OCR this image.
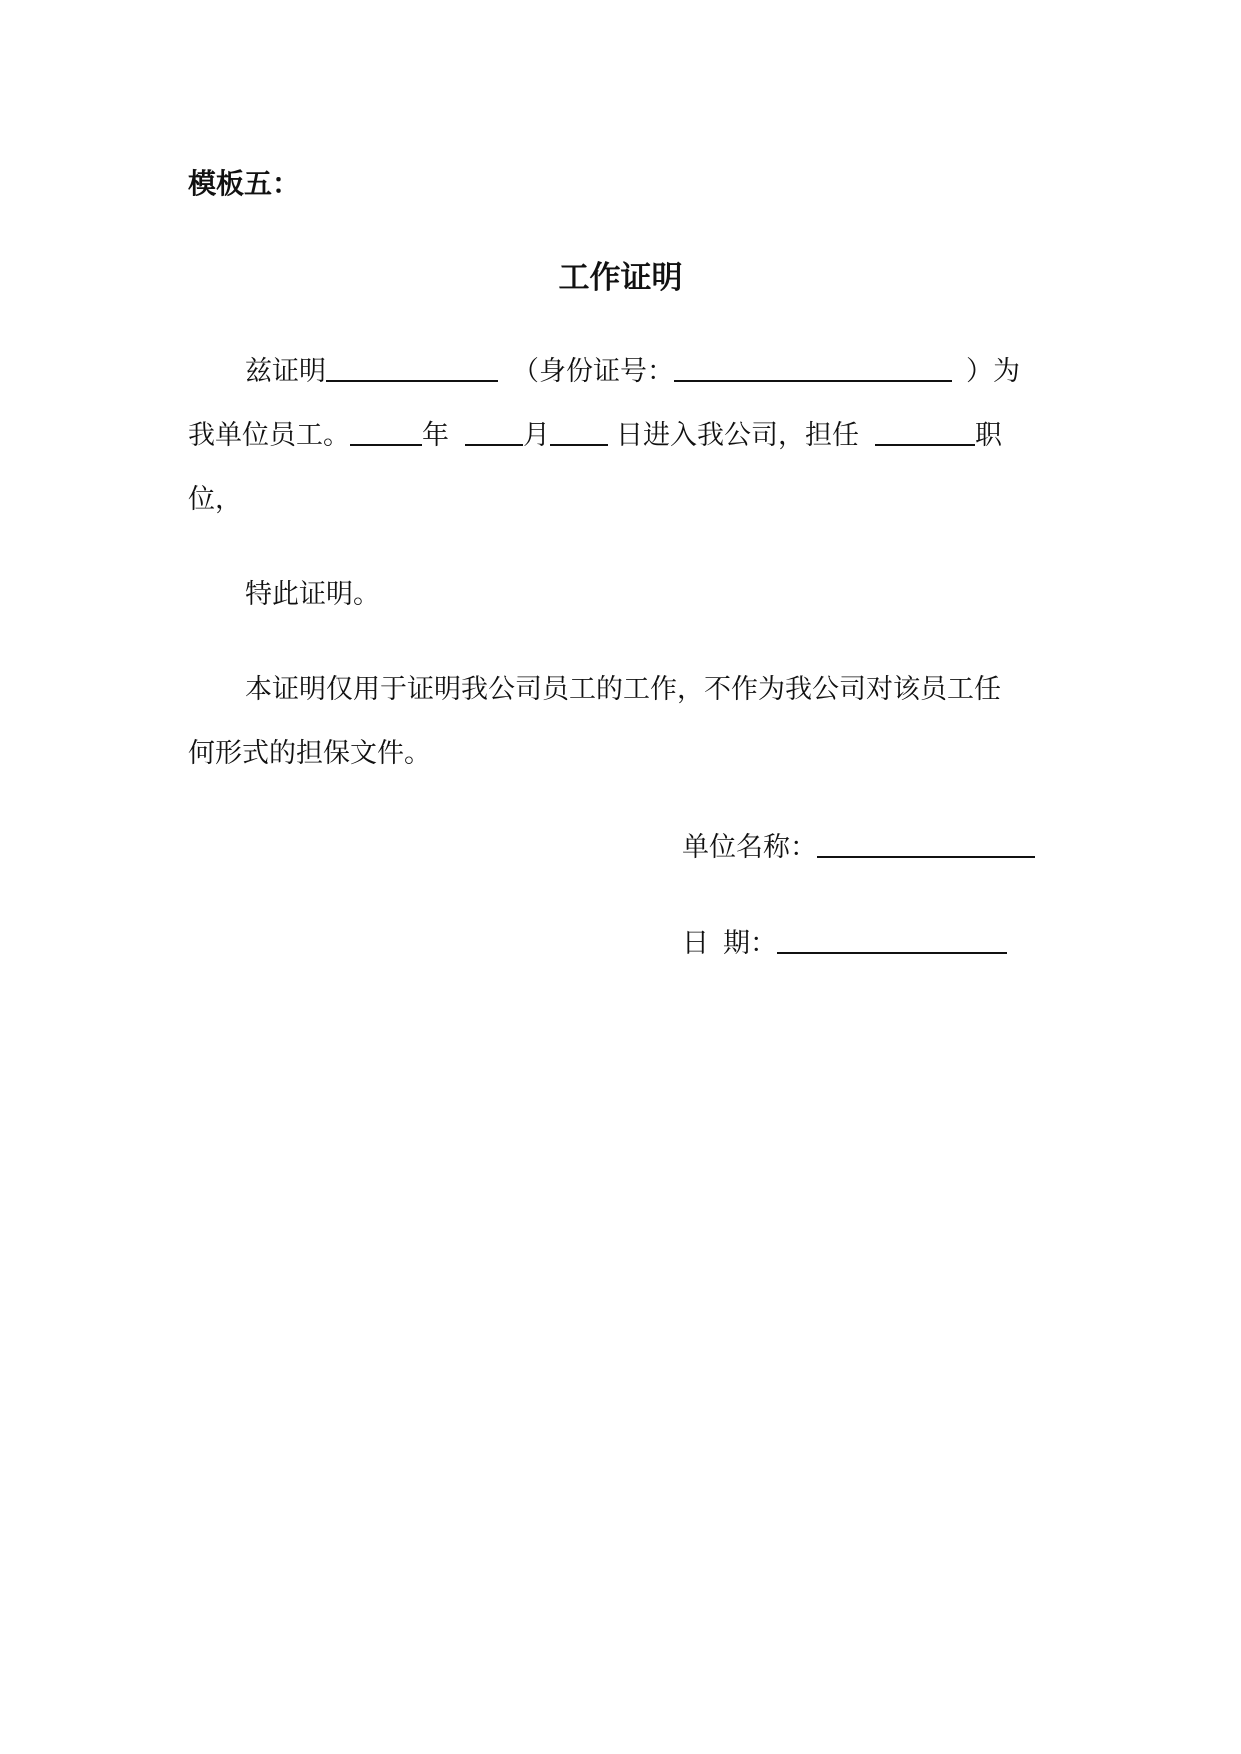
模板五：
工作证明
兹证明	（身份证号：	）为
我单位员工。	年	月 日进入我公司，担任	职
位，
特此证明。
本证明仅用于证明我公司员工的工作，不作为我公司对该员工任
何形式的担保文件。
单位名称：
日 期：
